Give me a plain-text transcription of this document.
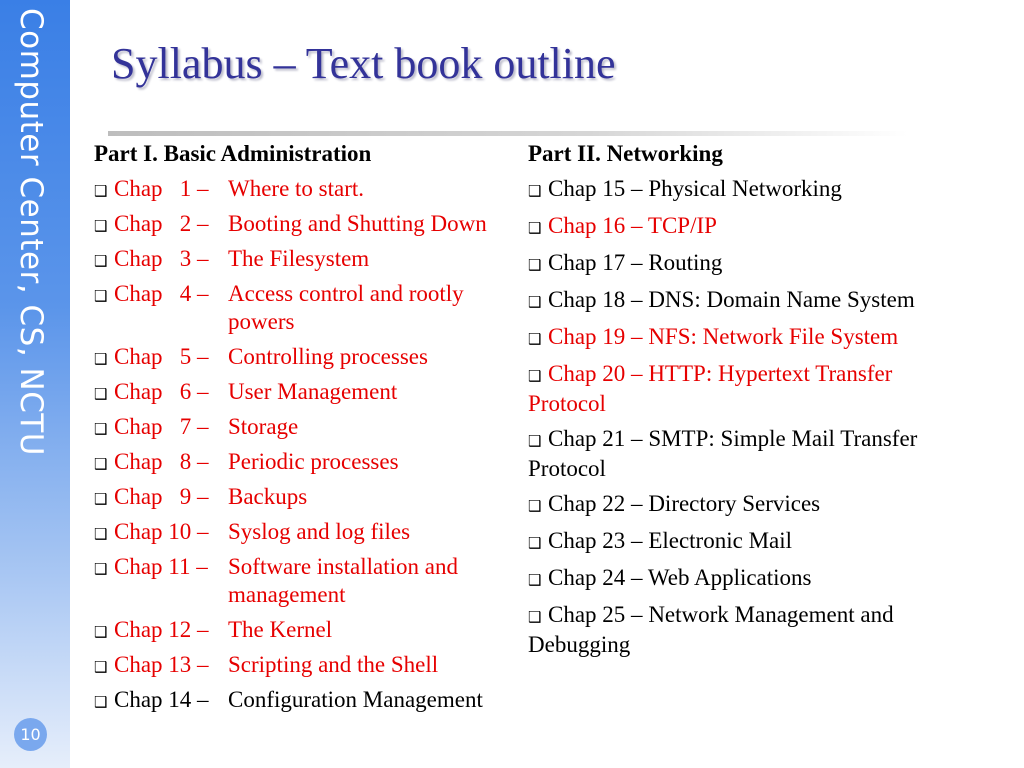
Computer Center, CS, NCTU
10
Syllabus – Text book outline
Part I. Basic Administration
❑ Chap   1 – Where to start.
❑ Chap   2 – Booting and Shutting Down
❑ Chap   3 – The Filesystem
❑ Chap   4 – Access control and rootly powers
❑ Chap   5 – Controlling processes
❑ Chap   6 – User Management
❑ Chap   7 – Storage
❑ Chap   8 – Periodic processes
❑ Chap   9 – Backups
❑ Chap 10 – Syslog and log files
❑ Chap 11 – Software installation and management
❑ Chap 12 – The Kernel
❑ Chap 13 – Scripting and the Shell
❑ Chap 14 – Configuration Management
Part II. Networking
❑ Chap 15 – Physical Networking
❑ Chap 16 – TCP/IP
❑ Chap 17 – Routing
❑ Chap 18 – DNS: Domain Name System
❑ Chap 19 – NFS: Network File System
❑ Chap 20 – HTTP: Hypertext Transfer Protocol
❑ Chap 21 – SMTP: Simple Mail Transfer Protocol
❑ Chap 22 – Directory Services
❑ Chap 23 – Electronic Mail
❑ Chap 24 – Web Applications
❑ Chap 25 – Network Management and Debugging
